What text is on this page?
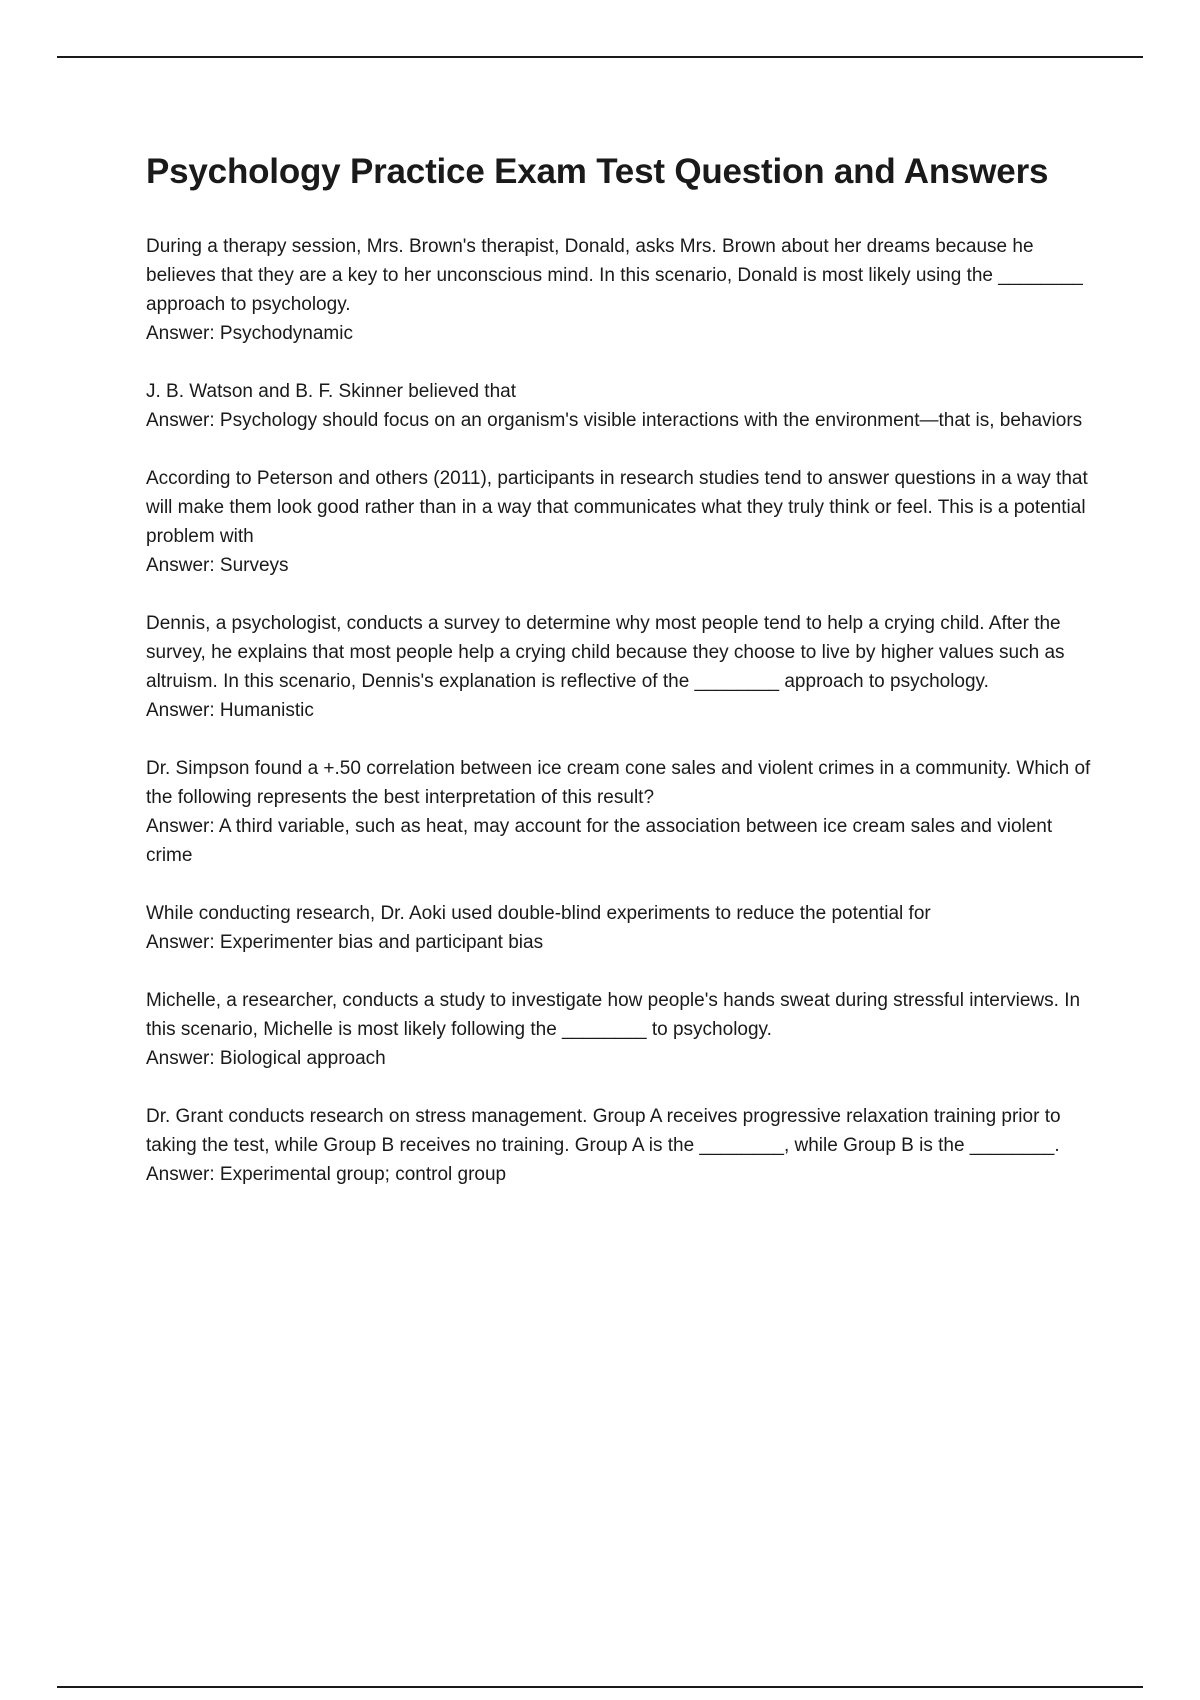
Psychology Practice Exam Test Question and Answers

During a therapy session, Mrs. Brown's therapist, Donald, asks Mrs. Brown about her dreams because he believes that they are a key to her unconscious mind. In this scenario, Donald is most likely using the ________ approach to psychology.

Answer: Psychodynamic

J. B. Watson and B. F. Skinner believed that

Answer: Psychology should focus on an organism's visible interactions with the environment—that is, behaviors

According to Peterson and others (2011), participants in research studies tend to answer questions in a way that will make them look good rather than in a way that communicates what they truly think or feel. This is a potential problem with

Answer: Surveys

Dennis, a psychologist, conducts a survey to determine why most people tend to help a crying child. After the survey, he explains that most people help a crying child because they choose to live by higher values such as altruism. In this scenario, Dennis's explanation is reflective of the ________ approach to psychology.

Answer: Humanistic

Dr. Simpson found a +.50 correlation between ice cream cone sales and violent crimes in a community. Which of the following represents the best interpretation of this result?

Answer: A third variable, such as heat, may account for the association between ice cream sales and violent crime

While conducting research, Dr. Aoki used double-blind experiments to reduce the potential for

Answer: Experimenter bias and participant bias

Michelle, a researcher, conducts a study to investigate how people's hands sweat during stressful interviews. In this scenario, Michelle is most likely following the ________ to psychology.

Answer: Biological approach

Dr. Grant conducts research on stress management. Group A receives progressive relaxation training prior to taking the test, while Group B receives no training. Group A is the ________, while Group B is the ________.

Answer: Experimental group; control group
